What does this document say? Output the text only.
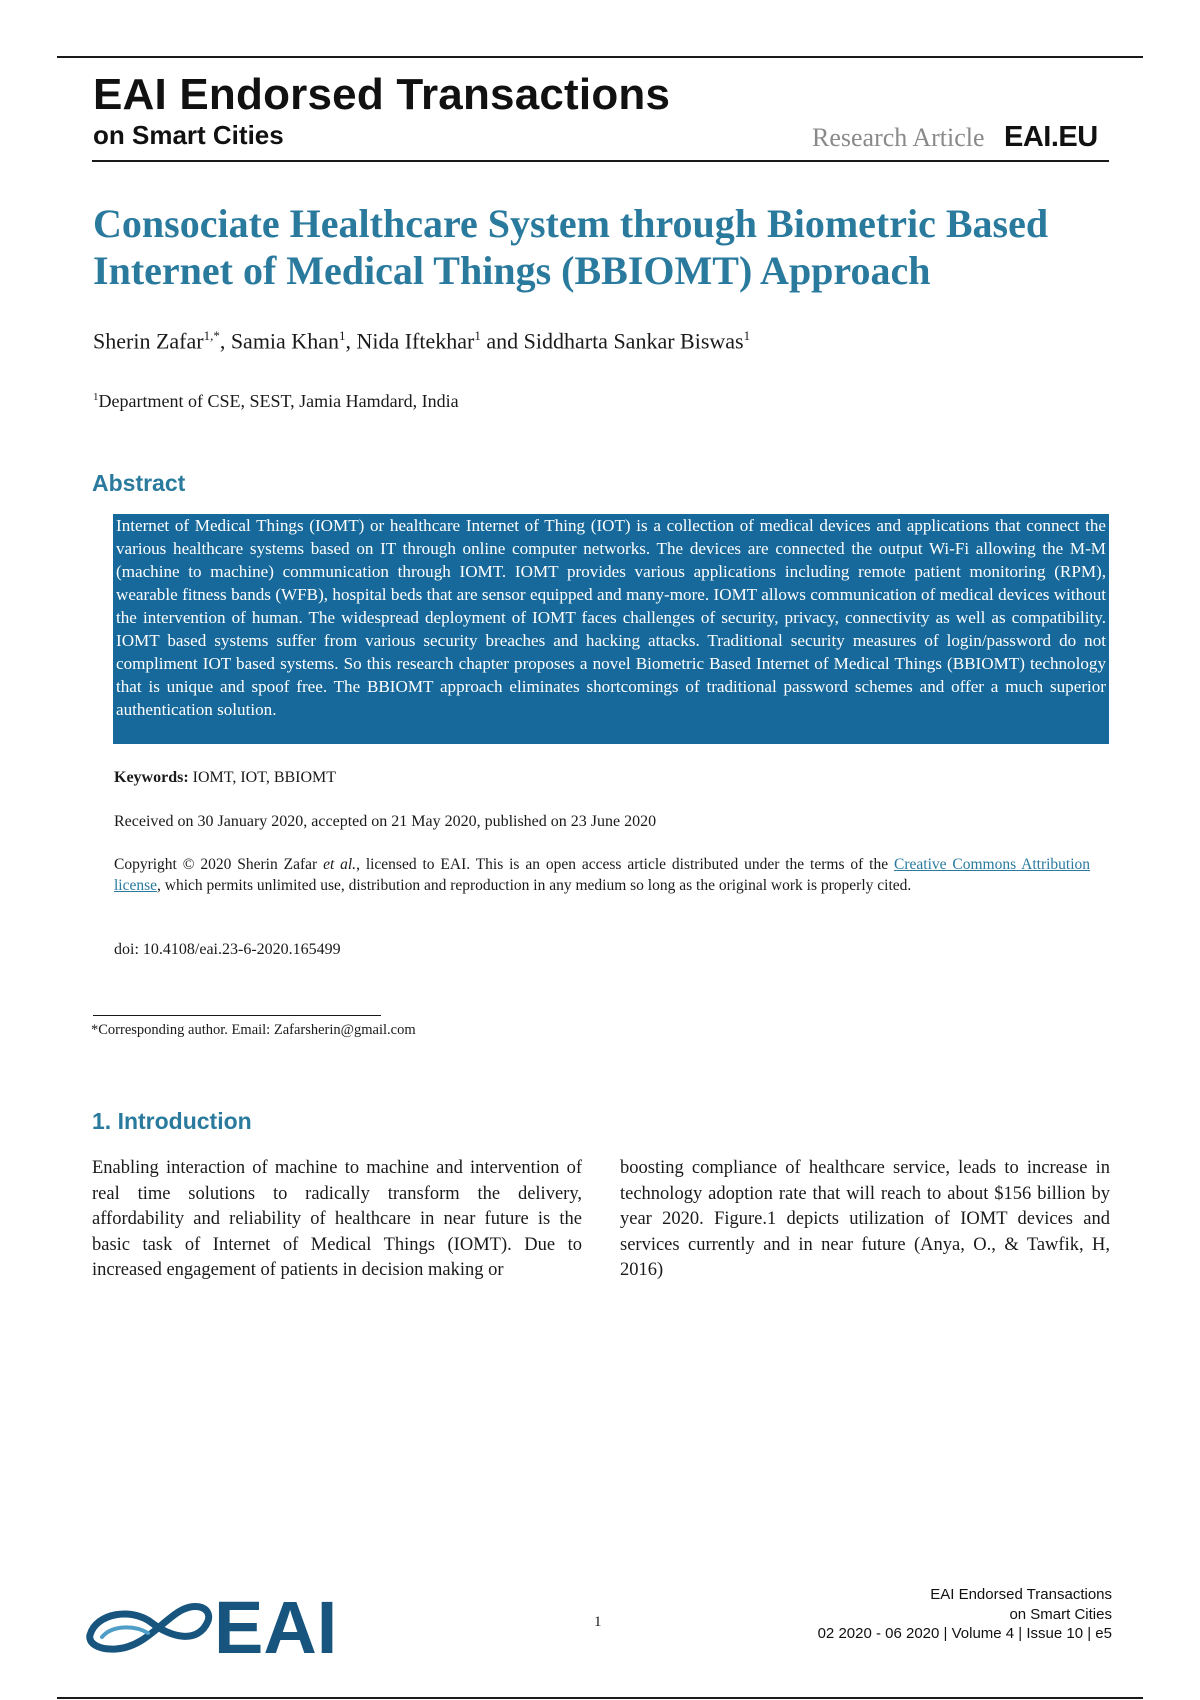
EAI Endorsed Transactions
on Smart Cities	Research Article EAI.EU
Consociate Healthcare System through Biometric Based
Internet of Medical Things (BBIOMT) Approach
Sherin Zafar$^{1,*}$, Samia Khan$^1$, Nida Iftekhar$^1$ and Siddharta Sankar Biswas$^1$
$^1$Department of CSE, SEST, Jamia Hamdard, India
Abstract
Internet of Medical Things (IOMT) or healthcare Internet of Thing (IOT) is a collection of medical devices and applications that connect the various healthcare systems based on IT through online computer networks. The devices are connected the output Wi-Fi allowing the M-M (machine to machine) communication through IOMT. IOMT provides various applications including remote patient monitoring (RPM), wearable fitness bands (WFB), hospital beds that are sensor equipped and many-more. IOMT allows communication of medical devices without the intervention of human. The widespread deployment of IOMT faces challenges of security, privacy, connectivity as well as compatibility. IOMT based systems suffer from various security breaches and hacking attacks. Traditional security measures of login/password do not compliment IOT based systems. So this research chapter proposes a novel Biometric Based Internet of Medical Things (BBIOMT) technology that is unique and spoof free. The BBIOMT approach eliminates shortcomings of traditional password schemes and offer a much superior authentication solution.
Keywords: IOMT, IOT, BBIOMT
Received on 30 January 2020, accepted on 21 May 2020, published on 23 June 2020
Copyright © 2020 Sherin Zafar et al., licensed to EAI. This is an open access article distributed under the terms of the Creative Commons Attribution license, which permits unlimited use, distribution and reproduction in any medium so long as the original work is properly cited.
doi: 10.4108/eai.23-6-2020.165499
*Corresponding author. Email: Zafarsherin@gmail.com
1. Introduction
Enabling interaction of machine to machine and intervention of real time solutions to radically transform the delivery, affordability and reliability of healthcare in near future is the basic task of Internet of Medical Things (IOMT). Due to increased engagement of patients in decision making or
boosting compliance of healthcare service, leads to increase in technology adoption rate that will reach to about $156 billion by year 2020. Figure.1 depicts utilization of IOMT devices and services currently and in near future (Anya, O., & Tawfik, H, 2016)
EAI	1
EAI Endorsed Transactions
on Smart Cities
02 2020 - 06 2020 | Volume 4 | Issue 10 | e5
